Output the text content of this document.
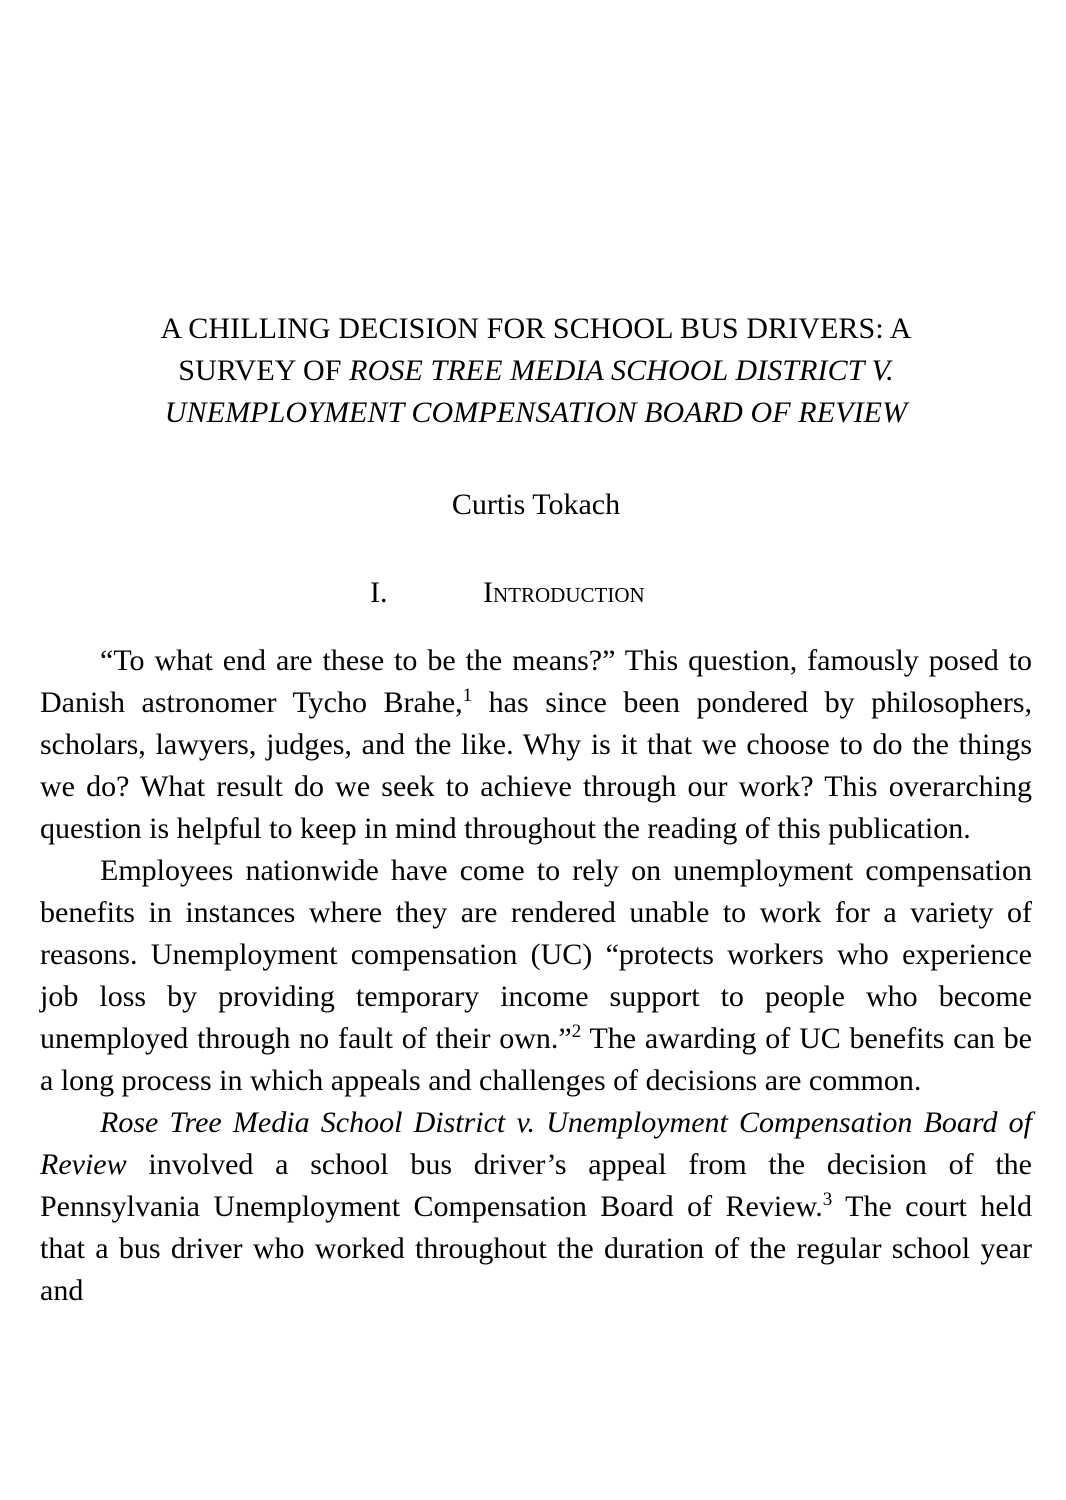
A CHILLING DECISION FOR SCHOOL BUS DRIVERS: A
SURVEY OF ROSE TREE MEDIA SCHOOL DISTRICT V.
UNEMPLOYMENT COMPENSATION BOARD OF REVIEW
Curtis Tokach
I.	Introduction

“To what end are these to be the means?” This question, famously posed to Danish astronomer Tycho Brahe,$^1$ has since been pondered by philosophers, scholars, lawyers, judges, and the like. Why is it that we choose to do the things we do? What result do we seek to achieve through our work? This overarching question is helpful to keep in mind throughout the reading of this publication.

Employees nationwide have come to rely on unemployment compensation benefits in instances where they are rendered unable to work for a variety of reasons. Unemployment compensation (UC) “protects workers who experience job loss by providing temporary income support to people who become unemployed through no fault of their own.”$^2$ The awarding of UC benefits can be a long process in which appeals and challenges of decisions are common.

Rose Tree Media School District v. Unemployment Compensation Board of Review involved a school bus driver’s appeal from the decision of the Pennsylvania Unemployment Compensation Board of Review.$^3$ The court held that a bus driver who worked throughout the duration of the regular school year and
